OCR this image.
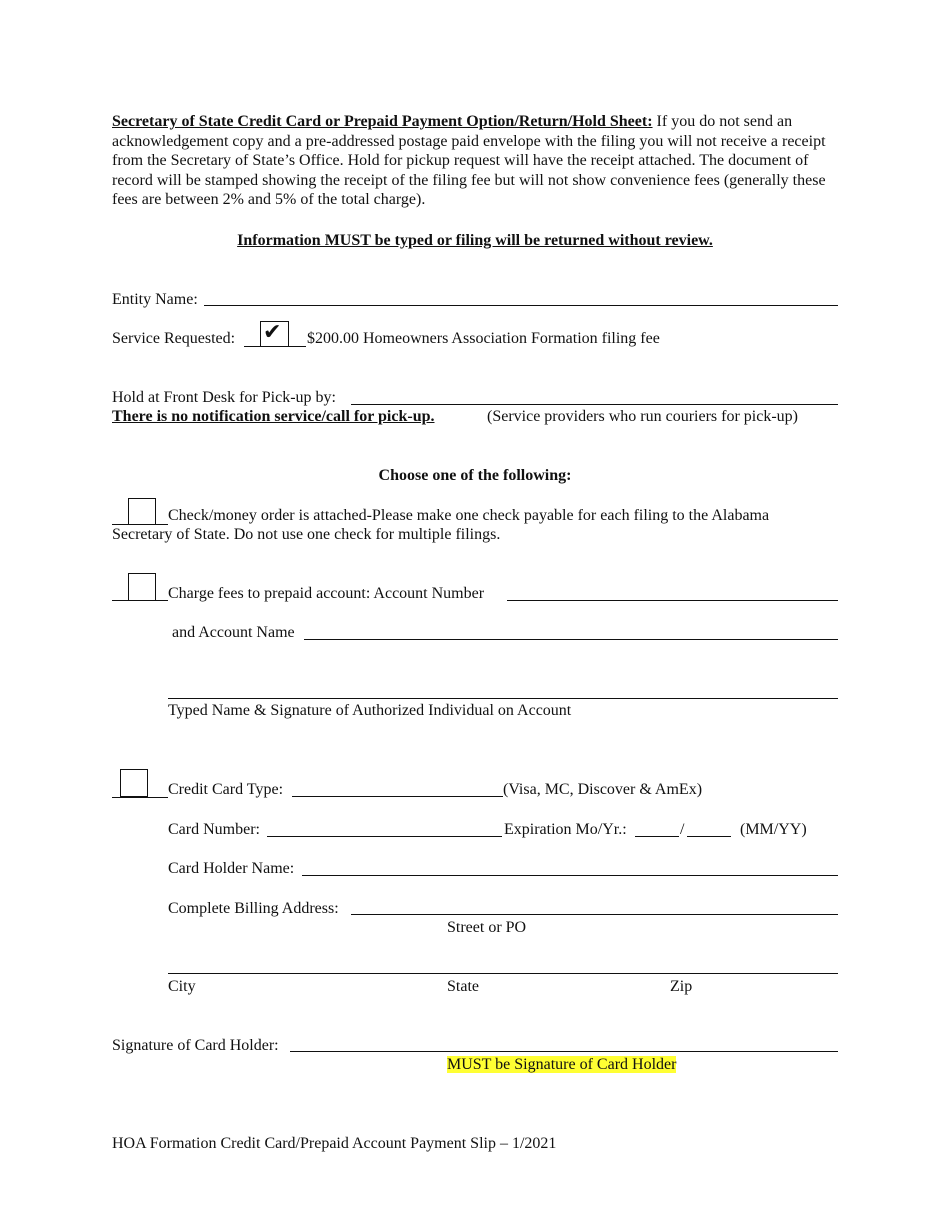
Secretary of State Credit Card or Prepaid Payment Option/Return/Hold Sheet: If you do not send an acknowledgement copy and a pre-addressed postage paid envelope with the filing you will not receive a receipt from the Secretary of State’s Office. Hold for pickup request will have the receipt attached. The document of record will be stamped showing the receipt of the filing fee but will not show convenience fees (generally these fees are between 2% and 5% of the total charge).
Information MUST be typed or filing will be returned without review.
Entity Name:
Service Requested: ✔ $200.00 Homeowners Association Formation filing fee
Hold at Front Desk for Pick-up by:
There is no notification service/call for pick-up.	(Service providers who run couriers for pick-up)
Choose one of the following:
Check/money order is attached-Please make one check payable for each filing to the Alabama
Secretary of State. Do not use one check for multiple filings.
Charge fees to prepaid account: Account Number
and Account Name
Typed Name & Signature of Authorized Individual on Account
Credit Card Type:	(Visa, MC, Discover & AmEx)
Card Number:	Expiration Mo/Yr.:	/	(MM/YY)
Card Holder Name:
Complete Billing Address:
Street or PO
City	State	Zip
Signature of Card Holder:
MUST be Signature of Card Holder
HOA Formation Credit Card/Prepaid Account Payment Slip – 1/2021
